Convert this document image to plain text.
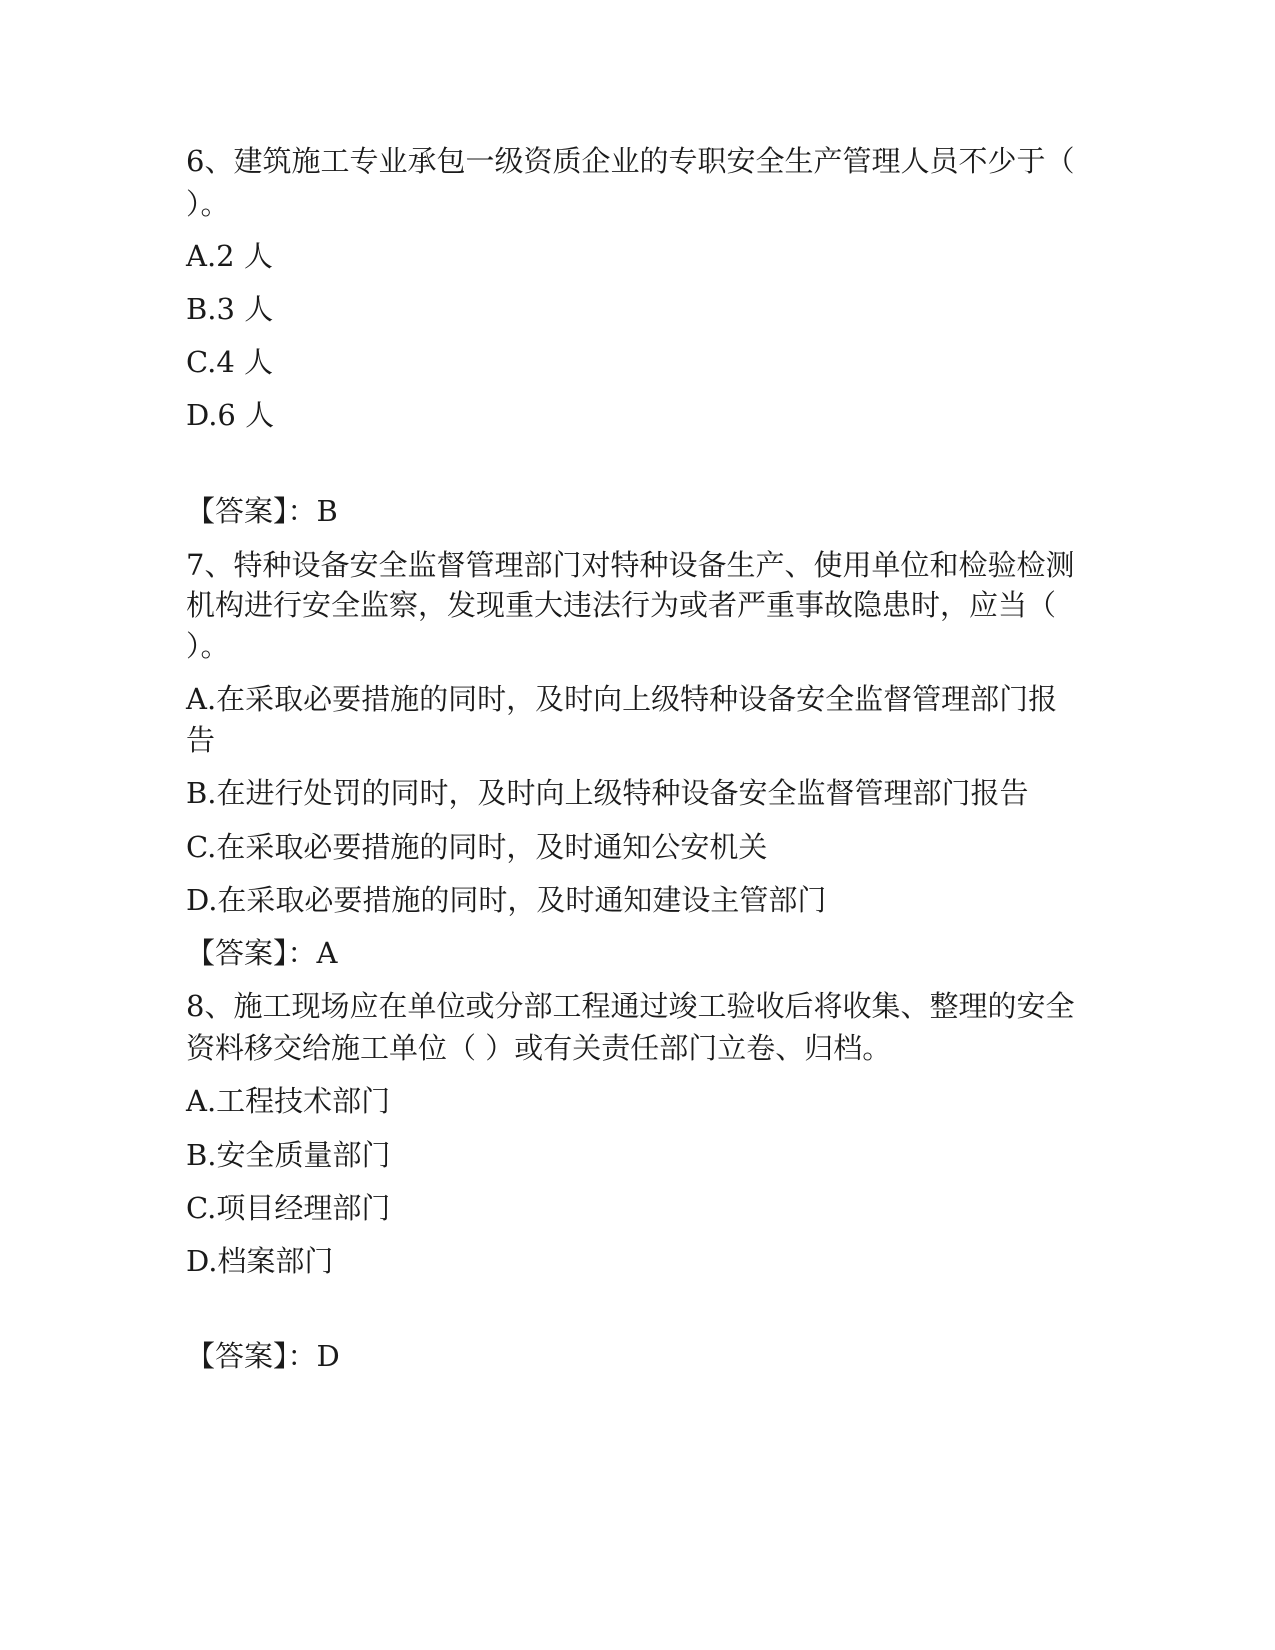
6、建筑施工专业承包一级资质企业的专职安全生产管理人员不少于（
）。
A.2 人
B.3 人
C.4 人
D.6 人
【答案】：B
7、特种设备安全监督管理部门对特种设备生产、使用单位和检验检测
机构进行安全监察，发现重大违法行为或者严重事故隐患时，应当（
）。
A.在采取必要措施的同时，及时向上级特种设备安全监督管理部门报
告
B.在进行处罚的同时，及时向上级特种设备安全监督管理部门报告
C.在采取必要措施的同时，及时通知公安机关
D.在采取必要措施的同时，及时通知建设主管部门
【答案】：A
8、施工现场应在单位或分部工程通过竣工验收后将收集、整理的安全
资料移交给施工单位（ ）或有关责任部门立卷、归档。
A.工程技术部门
B.安全质量部门
C.项目经理部门
D.档案部门
【答案】：D
